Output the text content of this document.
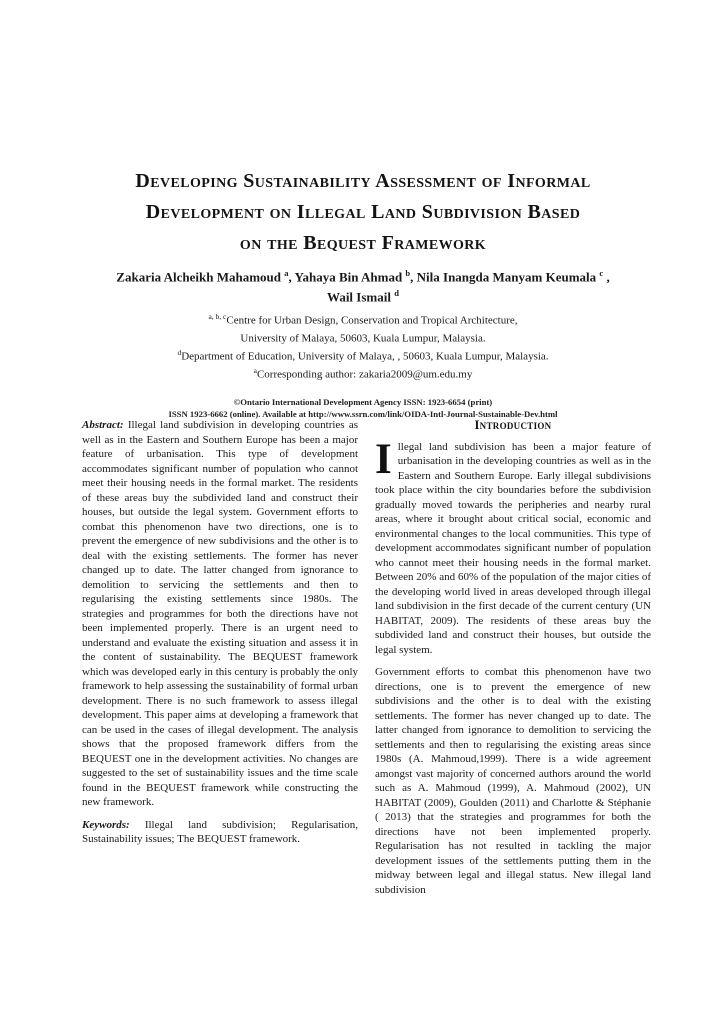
Developing Sustainability Assessment of Informal
Development on Illegal Land Subdivision Based
on the Bequest Framework
Zakaria Alcheikh Mahamoud $^a$, Yahaya Bin Ahmad $^b$, Nila Inangda Manyam Keumala $^c$ ,
Wail Ismail $^d$
$^{a, b, c}$Centre for Urban Design, Conservation and Tropical Architecture,
University of Malaya, 50603, Kuala Lumpur, Malaysia.
$^d$Department of Education, University of Malaya, , 50603, Kuala Lumpur, Malaysia.
$^a$Corresponding author: zakaria2009@um.edu.my
©Ontario International Development Agency ISSN: 1923-6654 (print)
ISSN 1923-6662 (online). Available at http://www.ssrn.com/link/OIDA-Intl-Journal-Sustainable-Dev.html

Abstract: Illegal land subdivision in developing countries as well as in the Eastern and Southern Europe has been a major feature of urbanisation. This type of development accommodates significant number of population who cannot meet their housing needs in the formal market. The residents of these areas buy the subdivided land and construct their houses, but outside the legal system. Government efforts to combat this phenomenon have two directions, one is to prevent the emergence of new subdivisions and the other is to deal with the existing settlements. The former has never changed up to date. The latter changed from ignorance to demolition to servicing the settlements and then to regularising the existing settlements since 1980s. The strategies and programmes for both the directions have not been implemented properly. There is an urgent need to understand and evaluate the existing situation and assess it in the content of sustainability. The BEQUEST framework which was developed early in this century is probably the only framework to help assessing the sustainability of formal urban development. There is no such framework to assess illegal development. This paper aims at developing a framework that can be used in the cases of illegal development. The analysis shows that the proposed framework differs from the BEQUEST one in the development activities. No changes are suggested to the set of sustainability issues and the time scale found in the BEQUEST framework while constructing the new framework.

Keywords: Illegal land subdivision; Regularisation, Sustainability issues; The BEQUEST framework.

Introduction

Illegal land subdivision has been a major feature of urbanisation in the developing countries as well as in the Eastern and Southern Europe. Early illegal subdivisions took place within the city boundaries before the subdivision gradually moved towards the peripheries and nearby rural areas, where it brought about critical social, economic and environmental changes to the local communities. This type of development accommodates significant number of population who cannot meet their housing needs in the formal market. Between 20% and 60% of the population of the major cities of the developing world lived in areas developed through illegal land subdivision in the first decade of the current century (UN HABITAT, 2009). The residents of these areas buy the subdivided land and construct their houses, but outside the legal system.

Government efforts to combat this phenomenon have two directions, one is to prevent the emergence of new subdivisions and the other is to deal with the existing settlements. The former has never changed up to date. The latter changed from ignorance to demolition to servicing the settlements and then to regularising the existing areas since 1980s (A. Mahmoud,1999). There is a wide agreement amongst vast majority of concerned authors around the world such as A. Mahmoud (1999), A. Mahmoud (2002), UN HABITAT (2009), Goulden (2011) and Charlotte & Stéphanie ( 2013) that the strategies and programmes for both the directions have not been implemented properly. Regularisation has not resulted in tackling the major development issues of the settlements putting them in the midway between legal and illegal status. New illegal land subdivision
